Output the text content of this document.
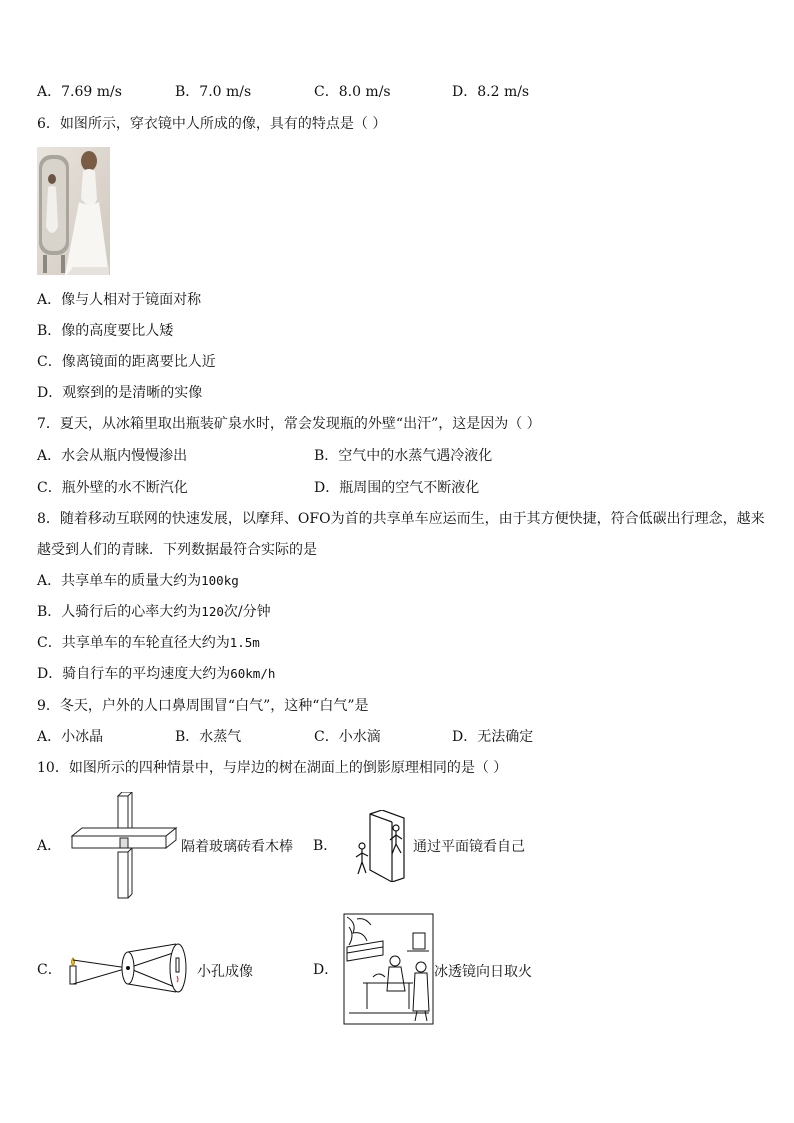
A．7.69 m/s	B．7.0 m/s	C．8.0 m/s	D．8.2 m/s
6．如图所示，穿衣镜中人所成的像，具有的特点是（ ）
A．像与人相对于镜面对称
B．像的高度要比人矮
C．像离镜面的距离要比人近
D．观察到的是清晰的实像
7．夏天，从冰箱里取出瓶装矿泉水时，常会发现瓶的外壁“出汗”，这是因为（ ）
A．水会从瓶内慢慢渗出	B．空气中的水蒸气遇冷液化
C．瓶外壁的水不断汽化	D．瓶周围的空气不断液化
8．随着移动互联网的快速发展，以摩拜、OFO为首的共享单车应运而生，由于其方便快捷，符合低碳出行理念，越来
越受到人们的青睐．下列数据最符合实际的是
A．共享单车的质量大约为100kg
B．人骑行后的心率大约为120次/分钟
C．共享单车的车轮直径大约为1.5m
D．骑自行车的平均速度大约为60km/h
9．冬天，户外的人口鼻周围冒“白气”，这种“白气”是
A．小冰晶	B．水蒸气	C．小水滴	D．无法确定
10．如图所示的四种情景中，与岸边的树在湖面上的倒影原理相同的是（ ）
A．	隔着玻璃砖看木棒 B．	通过平面镜看自己
C．	小孔成像	D．	冰透镜向日取火
